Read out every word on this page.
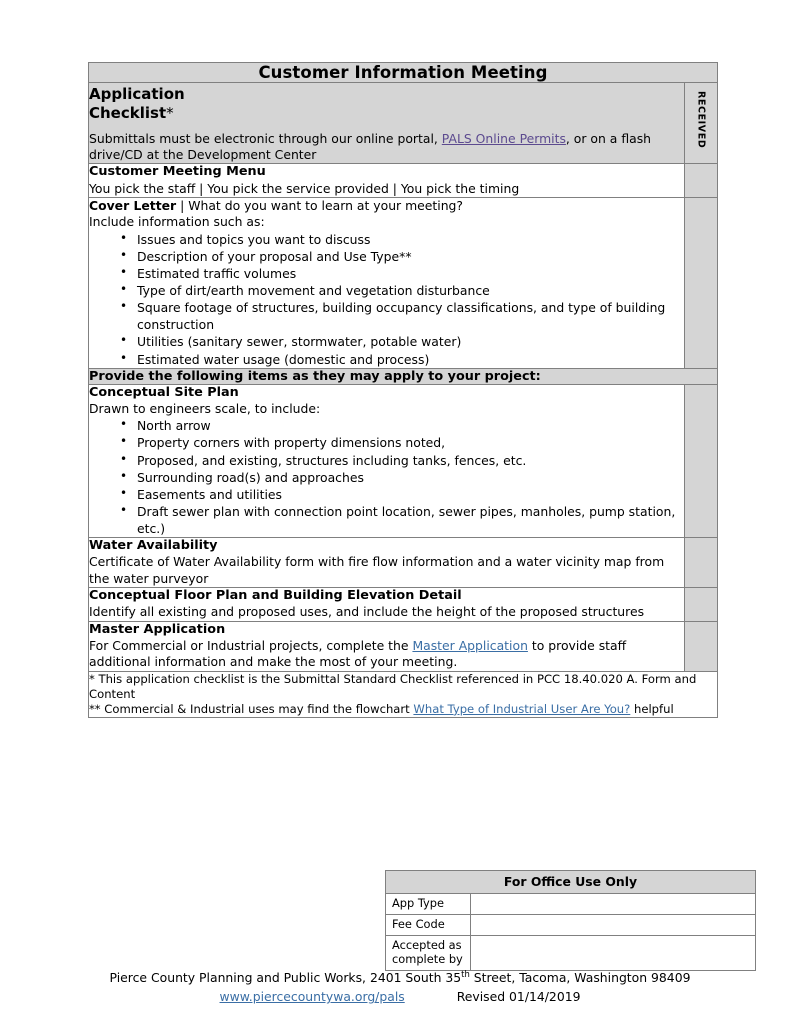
Customer Information Meeting	

Application
Checklist*
Submittals must be electronic through our online portal, PALS Online Permits, or on a flash drive/CD at the Development Center	RECEIVED

Customer Meeting Menu
You pick the staff | You pick the service provided | You pick the timing	

Cover Letter | What do you want to learn at your meeting?
Include information such as:
• Issues and topics you want to discuss
• Description of your proposal and Use Type**
• Estimated traffic volumes
• Type of dirt/earth movement and vegetation disturbance
• Square footage of structures, building occupancy classifications, and type of building construction
• Utilities (sanitary sewer, stormwater, potable water)
• Estimated water usage (domestic and process)

Provide the following items as they may apply to your project:	

Conceptual Site Plan
Drawn to engineers scale, to include:
• North arrow
• Property corners with property dimensions noted,
• Proposed, and existing, structures including tanks, fences, etc.
• Surrounding road(s) and approaches
• Easements and utilities
• Draft sewer plan with connection point location, sewer pipes, manholes, pump station, etc.)

Water Availability
Certificate of Water Availability form with fire flow information and a water vicinity map from the water purveyor	

Conceptual Floor Plan and Building Elevation Detail
Identify all existing and proposed uses, and include the height of the proposed structures	

Master Application
For Commercial or Industrial projects, complete the Master Application to provide staff additional information and make the most of your meeting.	

* This application checklist is the Submittal Standard Checklist referenced in PCC 18.40.020 A. Form and Content
** Commercial & Industrial uses may find the flowchart What Type of Industrial User Are You? helpful	
For Office Use Only	
App Type	
Fee Code	
Accepted as complete by	
Pierce County Planning and Public Works, 2401 South 35th Street, Tacoma, Washington 98409
www.piercecountywa.org/pals	Revised 01/14/2019
